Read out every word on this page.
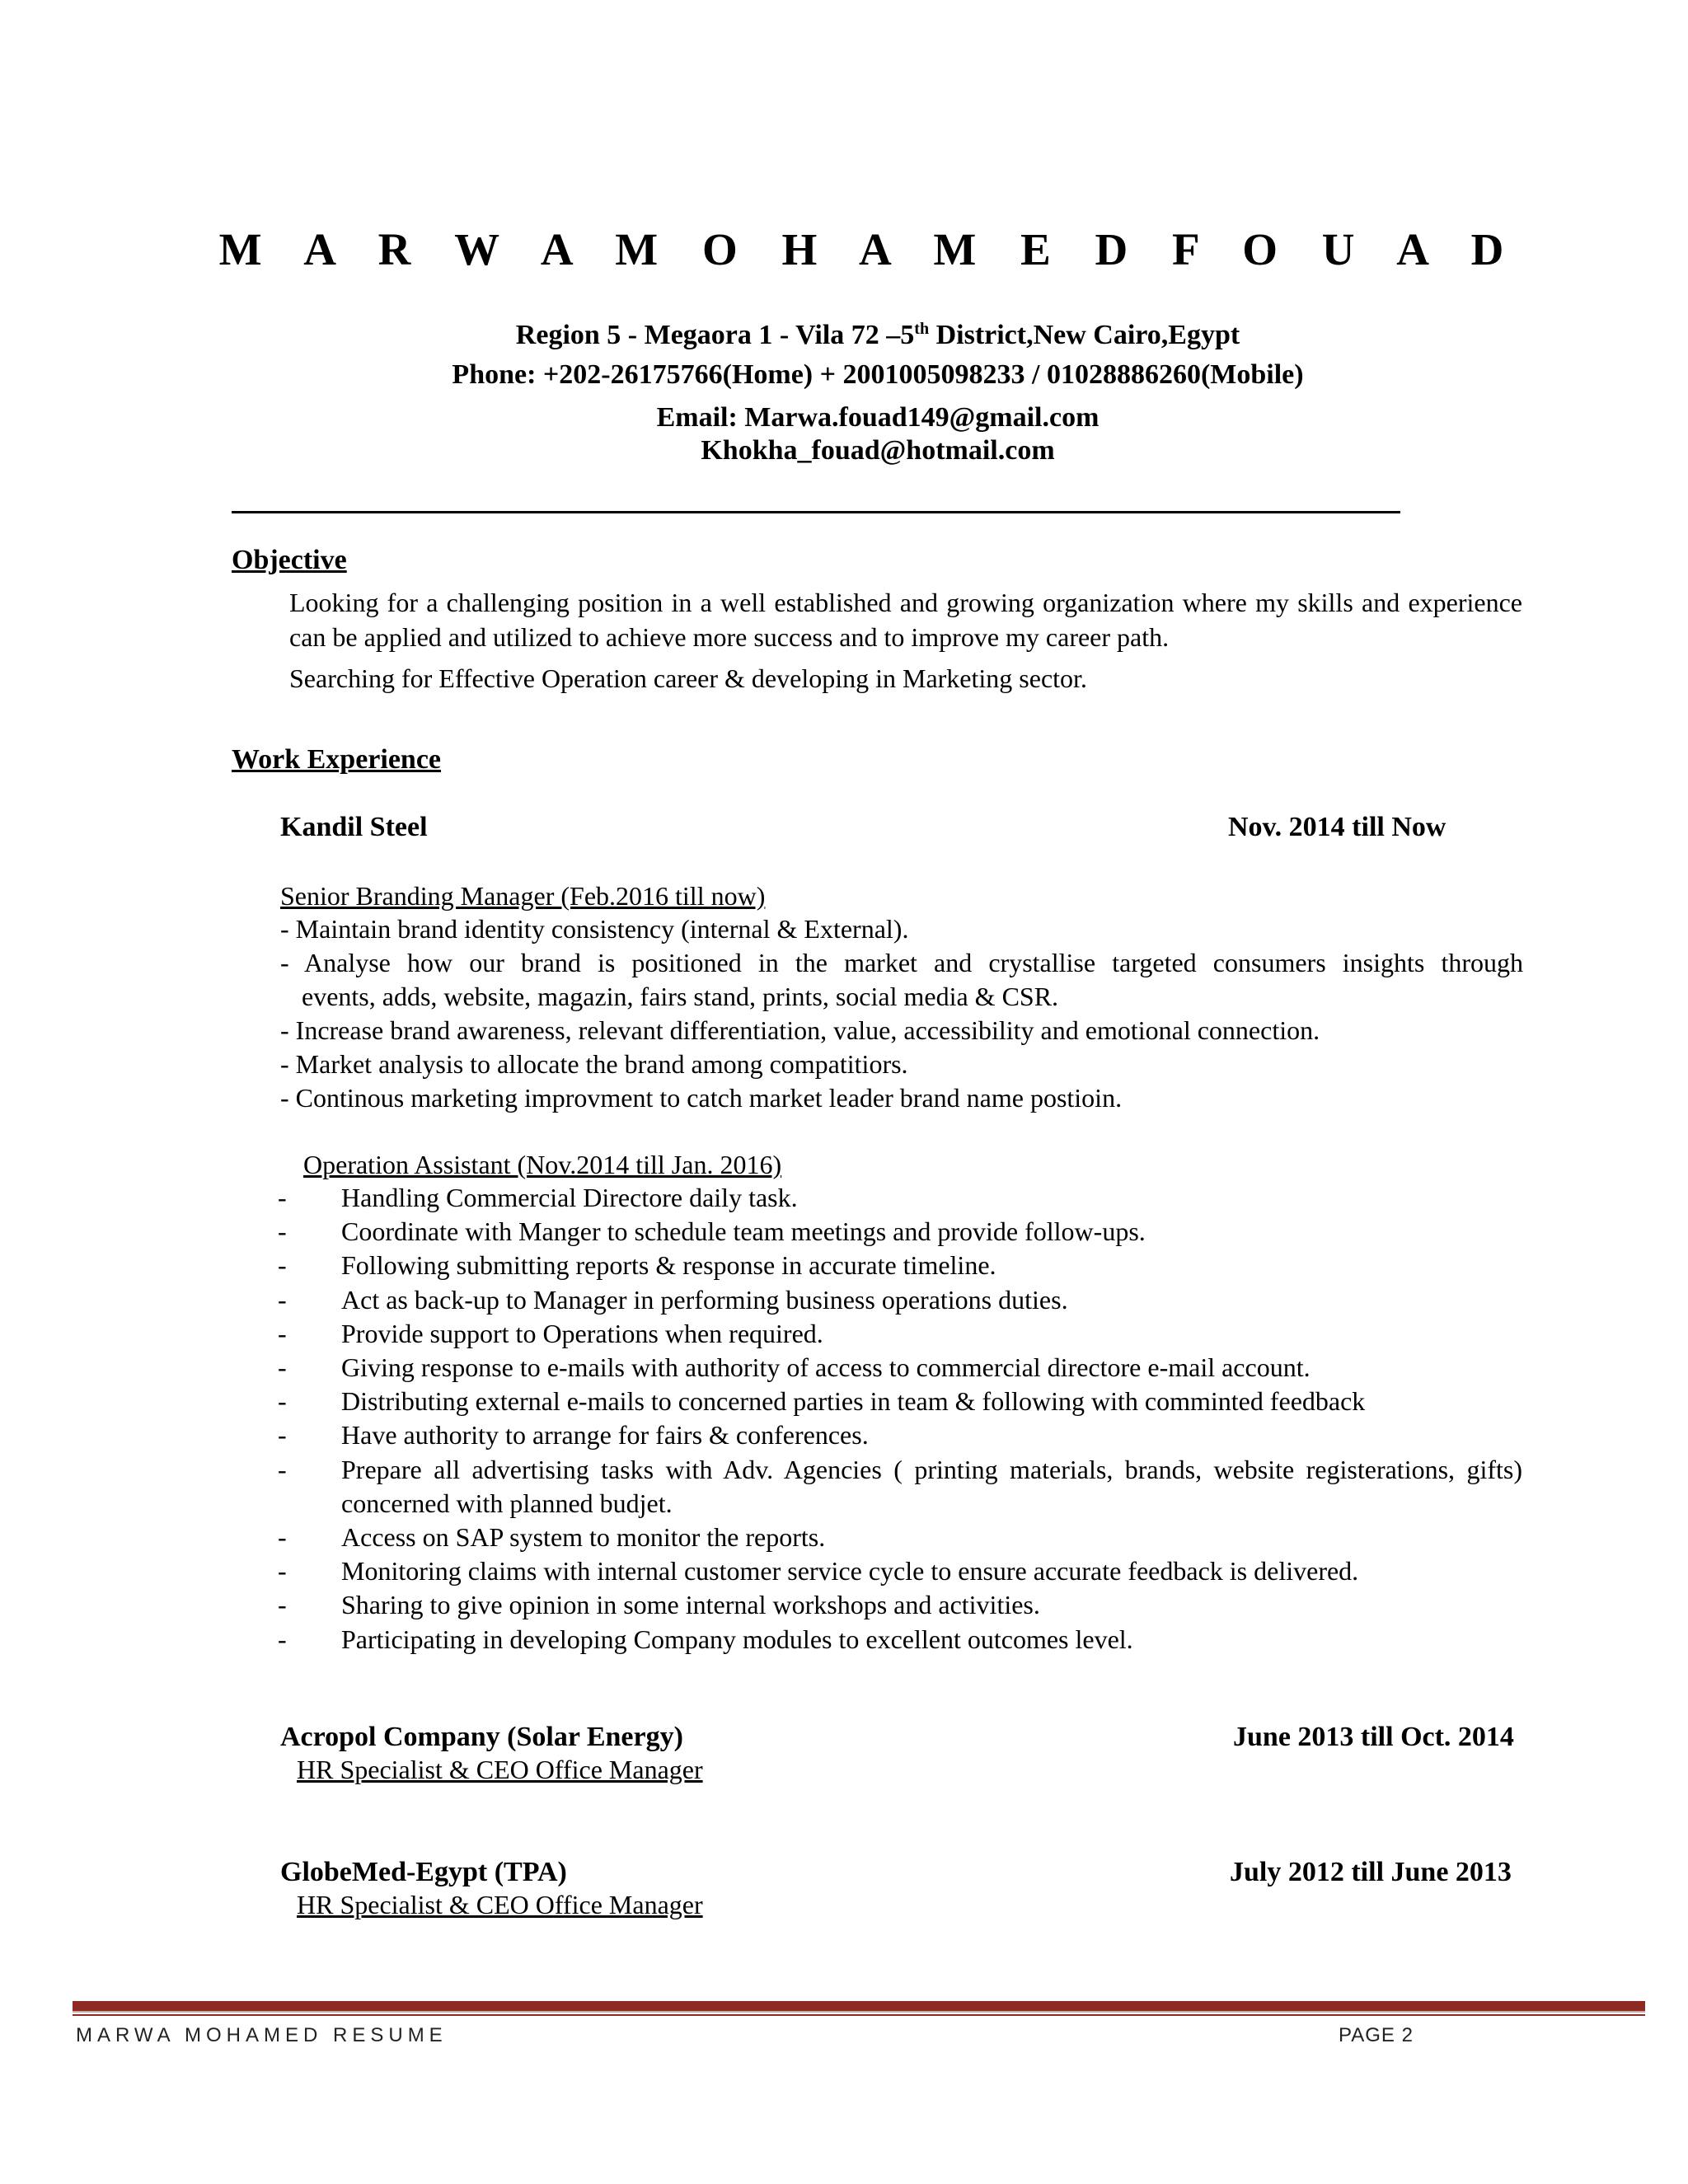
M A R W A M O H A M E D F O U A D

Region 5 - Megaora 1 - Vila 72 –5th District,New Cairo,Egypt

Phone: +202-26175766(Home) + 2001005098233 / 01028886260(Mobile)

Email: Marwa.fouad149@gmail.com

Khokha_fouad@hotmail.com

Objective

Looking for a challenging position in a well established and growing organization where my skills and experience can be applied and utilized to achieve more success and to improve my career path.

Searching for Effective Operation career & developing in Marketing sector.

Work Experience

Kandil Steel	Nov. 2014 till Now

Senior Branding Manager (Feb.2016 till now)

- Maintain brand identity consistency (internal & External).

- Analyse how our brand is positioned in the market and crystallise targeted consumers insights through

events, adds, website, magazin, fairs stand, prints, social media & CSR.

- Increase brand awareness, relevant differentiation, value, accessibility and emotional connection.

- Market analysis to allocate the brand among compatitiors.

- Continous marketing improvment to catch market leader brand name postioin.

Operation Assistant (Nov.2014 till Jan. 2016)

- Handling Commercial Directore daily task.
- Coordinate with Manger to schedule team meetings and provide follow-ups.
- Following submitting reports & response in accurate timeline.
- Act as back-up to Manager in performing business operations duties.
- Provide support to Operations when required.
- Giving response to e-mails with authority of access to commercial directore e-mail account.
- Distributing external e-mails to concerned parties in team & following with comminted feedback
- Have authority to arrange for fairs & conferences.
- Prepare all advertising tasks with Adv. Agencies ( printing materials, brands, website registerations, gifts) concerned with planned budjet.
- Access on SAP system to monitor the reports.
- Monitoring claims with internal customer service cycle to ensure accurate feedback is delivered.
- Sharing to give opinion in some internal workshops and activities.
- Participating in developing Company modules to excellent outcomes level.

Acropol Company (Solar Energy)	June 2013 till Oct. 2014

HR Specialist & CEO Office Manager

GlobeMed-Egypt (TPA)	July 2012 till June 2013

HR Specialist & CEO Office Manager

MARWA MOHAMED RESUME	PAGE 2
